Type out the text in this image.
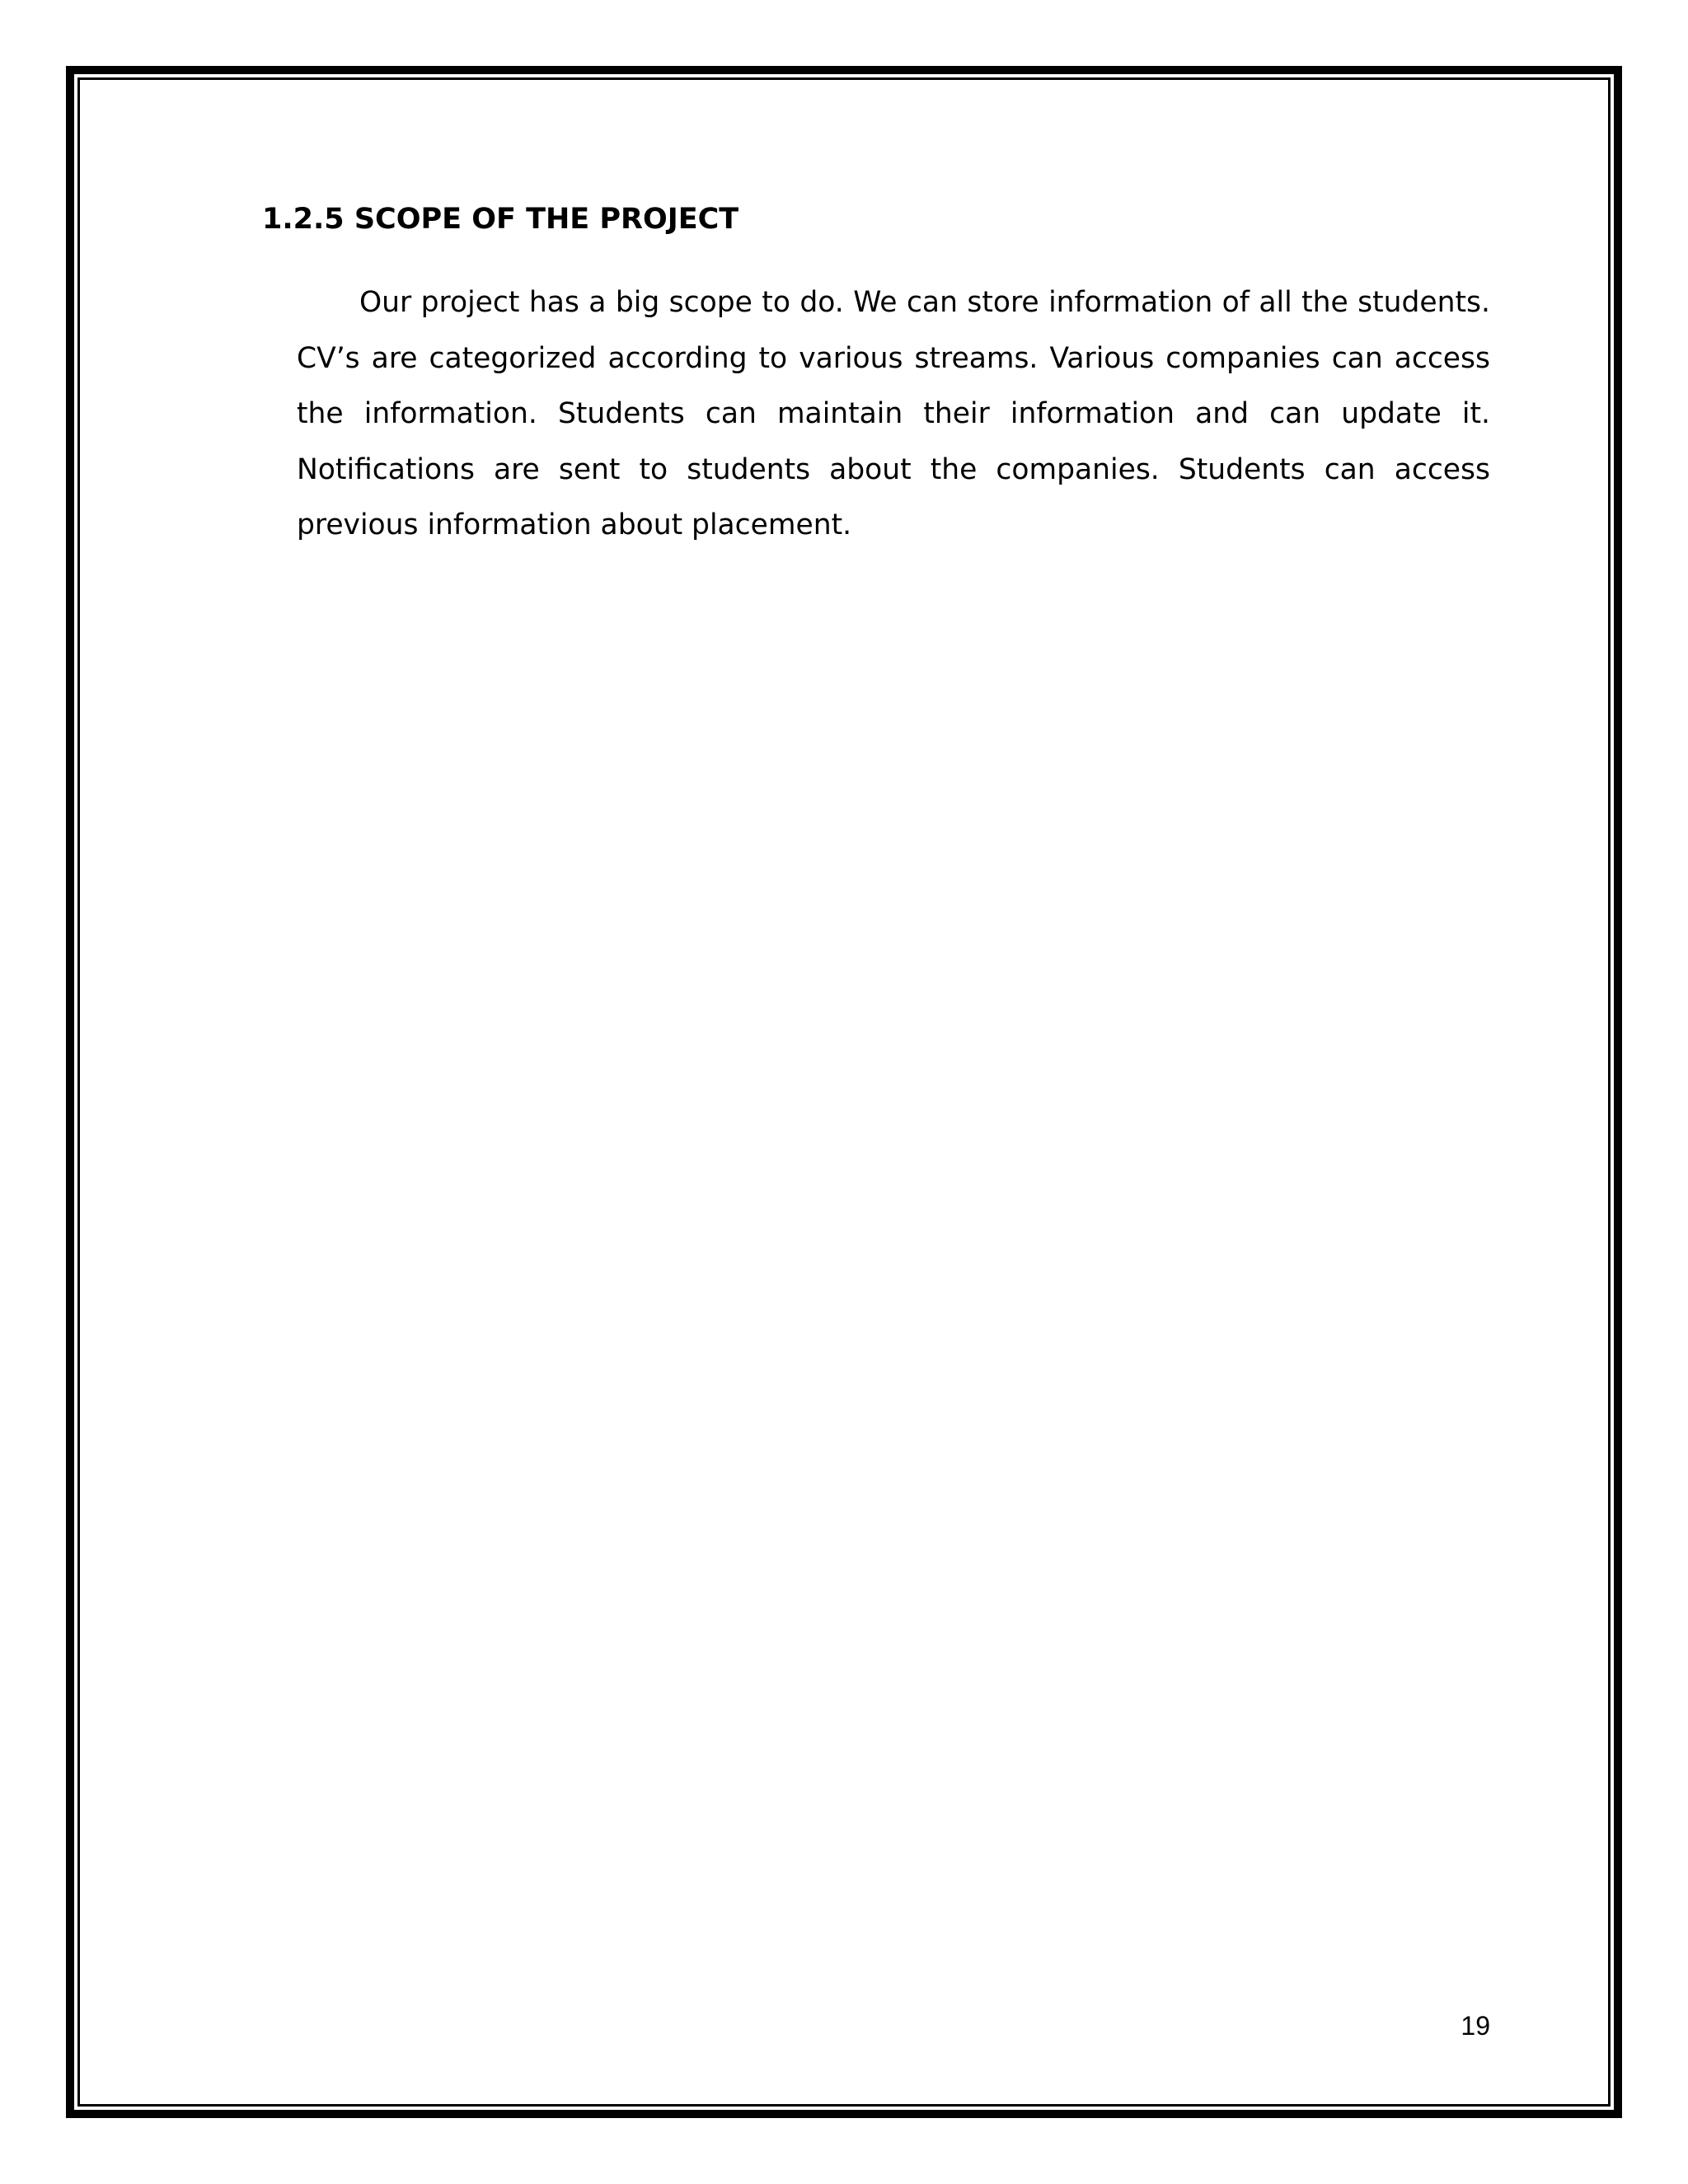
1.2.5 SCOPE OF THE PROJECT

Our project has a big scope to do. We can store information of all the students. CV’s are categorized according to various streams. Various companies can access the information. Students can maintain their information and can update it. Notifications are sent to students about the companies. Students can access previous information about placement.

19
